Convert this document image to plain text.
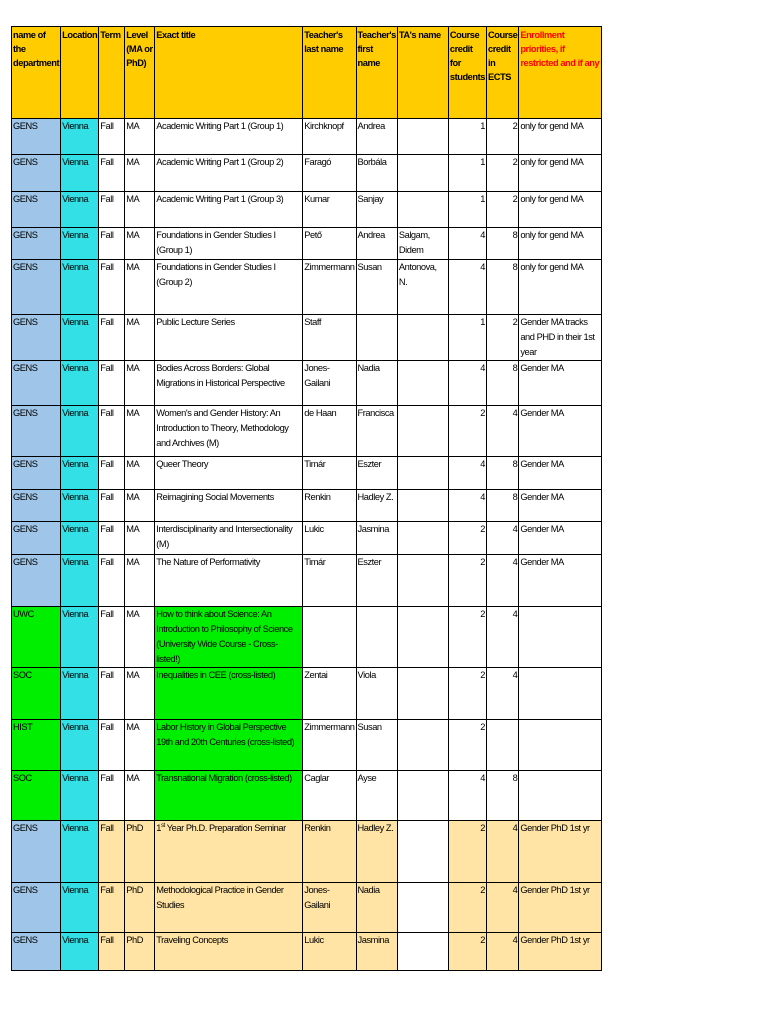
name of the department	Location	Term	Level (MA or PhD)	Exact title	Teacher's last name	Teacher's first name	TA's name	Course credit for students	Course credit in ECTS	Enrollment priorities, if restricted and if any
GENS	Vienna	Fall	MA	Academic Writing Part 1 (Group 1)	Kirchknopf	Andrea		1	2	only for gend MA
GENS	Vienna	Fall	MA	Academic Writing Part 1 (Group 2)	Faragó	Borbála		1	2	only for gend MA
GENS	Vienna	Fall	MA	Academic Writing Part 1 (Group 3)	Kumar	Sanjay		1	2	only for gend MA
GENS	Vienna	Fall	MA	Foundations in Gender Studies I (Group 1)	Pető	Andrea	Salgam, Didem	4	8	only for gend MA
GENS	Vienna	Fall	MA	Foundations in Gender Studies I (Group 2)	Zimmermann	Susan	Antonova, N.	4	8	only for gend MA
GENS	Vienna	Fall	MA	Public Lecture Series	Staff			1	2	Gender MA tracks and PHD in their 1st year
GENS	Vienna	Fall	MA	Bodies Across Borders: Global Migrations in Historical Perspective	Jones-Gailani	Nadia		4	8	Gender MA
GENS	Vienna	Fall	MA	Women's and Gender History: An Introduction to Theory, Methodology and Archives (M)	de Haan	Francisca		2	4	Gender MA
GENS	Vienna	Fall	MA	Queer Theory	Timár	Eszter		4	8	Gender MA
GENS	Vienna	Fall	MA	Reimagining Social Movements	Renkin	Hadley Z.		4	8	Gender MA
GENS	Vienna	Fall	MA	Interdisciplinarity and Intersectionality (M)	Lukic	Jasmina		2	4	Gender MA
GENS	Vienna	Fall	MA	The Nature of Performativity	Timár	Eszter		2	4	Gender MA
UWC	Vienna	Fall	MA	How to think about Science: An Introduction to Philosophy of Science (University Wide Course - Cross-listed!)				2	4	
SOC	Vienna	Fall	MA	Inequalities in CEE (cross-listed)	Zentai	Viola		2	4	
HIST	Vienna	Fall	MA	Labor History in Global Perspective 19th and 20th Centuries (cross-listed)	Zimmermann	Susan		2		
SOC	Vienna	Fall	MA	Transnational Migration (cross-listed)	Caglar	Ayse		4	8	
GENS	Vienna	Fall	PhD	1st Year Ph.D. Preparation Seminar	Renkin	Hadley Z.		2	4	Gender PhD 1st yr
GENS	Vienna	Fall	PhD	Methodological Practice in Gender Studies	Jones-Gailani	Nadia		2	4	Gender PhD 1st yr
GENS	Vienna	Fall	PhD	Traveling Concepts	Lukic	Jasmina		2	4	Gender PhD 1st yr
